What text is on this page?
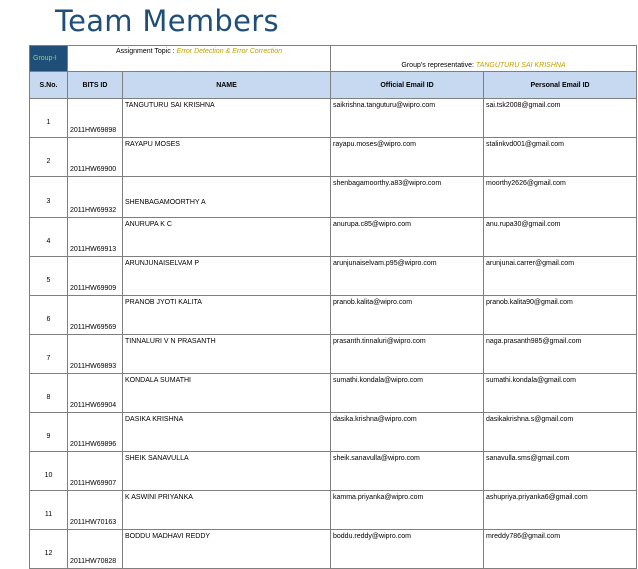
Team Members
Group-I	Assignment Topic : Error Detection & Error Correction		Group's representative: TANGUTURU SAI KRISHNA	
S.No.	BITS ID	NAME	Official Email ID	Personal Email ID
1	2011HW69898	TANGUTURU SAI KRISHNA	saikrishna.tanguturu@wipro.com	sai.tsk2008@gmail.com
2	2011HW69900	RAYAPU MOSES	rayapu.moses@wipro.com	stalinkvd001@gmail.com
3	2011HW69932	SHENBAGAMOORTHY A	shenbagamoorthy.a83@wipro.com	moorthy2626@gmail.com
4	2011HW69913	ANURUPA K C	anurupa.c85@wipro.com	anu.rupa30@gmail.com
5	2011HW69909	ARUNJUNAISELVAM P	arunjunaiselvam.p95@wipro.com	arunjunai.carrer@gmail.com
6	2011HW69569	PRANOB JYOTI KALITA	pranob.kalita@wipro.com	pranob.kalita90@gmail.com
7	2011HW69893	TINNALURI V N PRASANTH	prasanth.tinnaluri@wipro.com	naga.prasanth985@gmail.com
8	2011HW69904	KONDALA SUMATHI	sumathi.kondala@wipro.com	sumathi.kondala@gmail.com
9	2011HW69896	DASIKA KRISHNA	dasika.krishna@wipro.com	dasikakrishna.s@gmail.com
10	2011HW69907	SHEIK SANAVULLA	sheik.sanavulla@wipro.com	sanavulla.sms@gmail.com
11	2011HW70163	K ASWINI PRIYANKA	kamma.priyanka@wipro.com	ashupriya.priyanka6@gmail.com
12	2011HW70828	BODDU MADHAVI REDDY	boddu.reddy@wipro.com	mreddy786@gmail.com
